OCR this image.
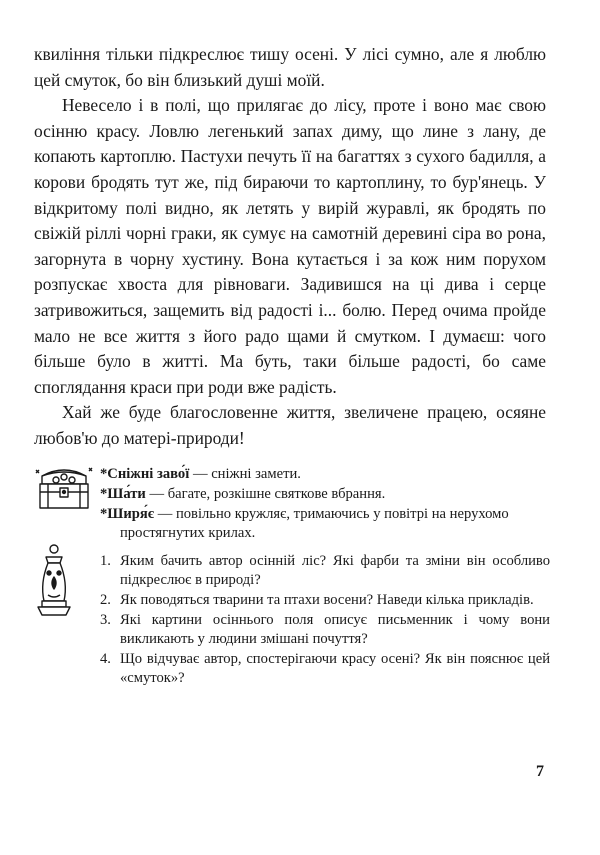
квиління тільки підкреслює тишу осені. У лісі сумно, але я люблю цей смуток, бо він близький душі моїй.

Невесело і в полі, що прилягає до лісу, проте і воно має свою осінню красу. Ловлю легенький запах диму, що лине з лану, де копають картоплю. Пастухи печуть її на багаттях з сухого бадилля, а корови бродять тут же, під бираючи то картоплину, то бур'янець. У відкритому полі видно, як летять у вирій журавлі, як бродять по свіжій ріллі чорні граки, як сумує на самотній деревині сіра во рона, загорнута в чорну хустину. Вона кутається і за кож ним порухом розпускає хвоста для рівноваги. Задивишся на ці дива і серце затривожиться, защемить від радості і... болю. Перед очима пройде мало не все життя з його радо щами й смутком. І думаєш: чого більше було в житті. Ма буть, таки більше радості, бо саме споглядання краси при роди вже радість.

Хай же буде благословенне життя, звеличене працею, осяяне любов'ю до матері-природи!

*Сніжні заво́ї — сніжні замети.
*Ша́ти — багате, розкішне святкове вбрання.
*Ширя́є — повільно кружляє, тримаючись у повітрі на нерухомо простягнутих крилах.
1. Яким бачить автор осінній ліс? Які фарби та зміни він особливо підкреслює в природі?
2. Як поводяться тварини та птахи восени? Наведи кілька прикладів.
3. Які картини осіннього поля описує письменник і чому вони викликають у людини змішані почуття?
4. Що відчуває автор, спостерігаючи красу осені? Як він пояснює цей «смуток»?
7
